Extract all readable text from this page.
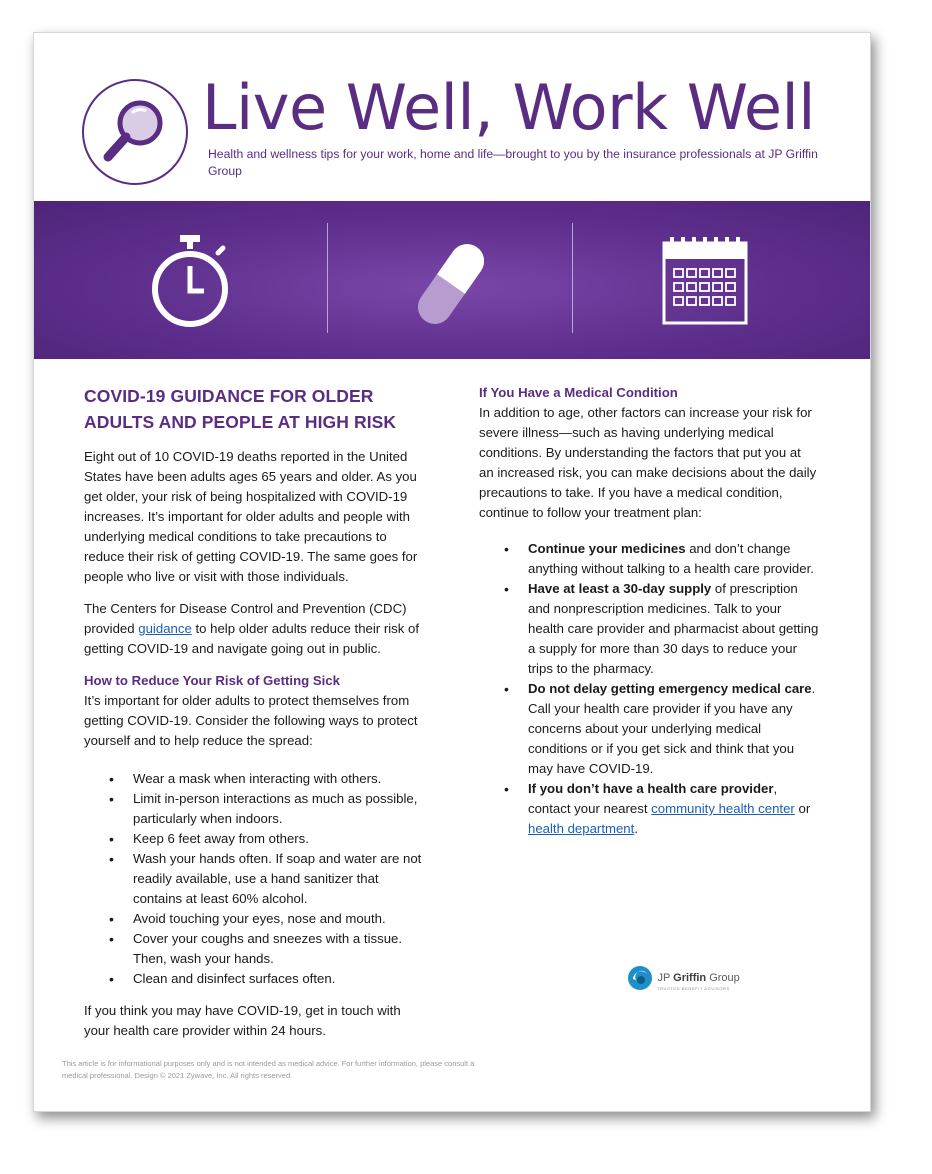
Live Well, Work Well
Health and wellness tips for your work, home and life—brought to you by the insurance professionals at JP Griffin Group
COVID-19 GUIDANCE FOR OLDER ADULTS AND PEOPLE AT HIGH RISK

Eight out of 10 COVID-19 deaths reported in the United States have been adults ages 65 years and older. As you get older, your risk of being hospitalized with COVID-19 increases. It’s important for older adults and people with underlying medical conditions to take precautions to reduce their risk of getting COVID-19. The same goes for people who live or visit with those individuals.

The Centers for Disease Control and Prevention (CDC) provided guidance to help older adults reduce their risk of getting COVID-19 and navigate going out in public.

How to Reduce Your Risk of Getting Sick

It’s important for older adults to protect themselves from getting COVID-19. Consider the following ways to protect yourself and to help reduce the spread:

• Wear a mask when interacting with others.
• Limit in-person interactions as much as possible, particularly when indoors.
• Keep 6 feet away from others.
• Wash your hands often. If soap and water are not readily available, use a hand sanitizer that contains at least 60% alcohol.
• Avoid touching your eyes, nose and mouth.
• Cover your coughs and sneezes with a tissue. Then, wash your hands.
• Clean and disinfect surfaces often.

If you think you may have COVID-19, get in touch with your health care provider within 24 hours.

If You Have a Medical Condition

In addition to age, other factors can increase your risk for severe illness—such as having underlying medical conditions. By understanding the factors that put you at an increased risk, you can make decisions about the daily precautions to take. If you have a medical condition, continue to follow your treatment plan:

• Continue your medicines and don’t change anything without talking to a health care provider.
• Have at least a 30-day supply of prescription and nonprescription medicines. Talk to your health care provider and pharmacist about getting a supply for more than 30 days to reduce your trips to the pharmacy.
• Do not delay getting emergency medical care. Call your health care provider if you have any concerns about your underlying medical conditions or if you get sick and think that you may have COVID-19.
• If you don’t have a health care provider, contact your nearest community health center or health department.
JP Griffin Group
TRUSTED BENEFIT ADVISORS
This article is for informational purposes only and is not intended as medical advice. For further information, please consult a medical professional. Design © 2021 Zywave, Inc. All rights reserved.
